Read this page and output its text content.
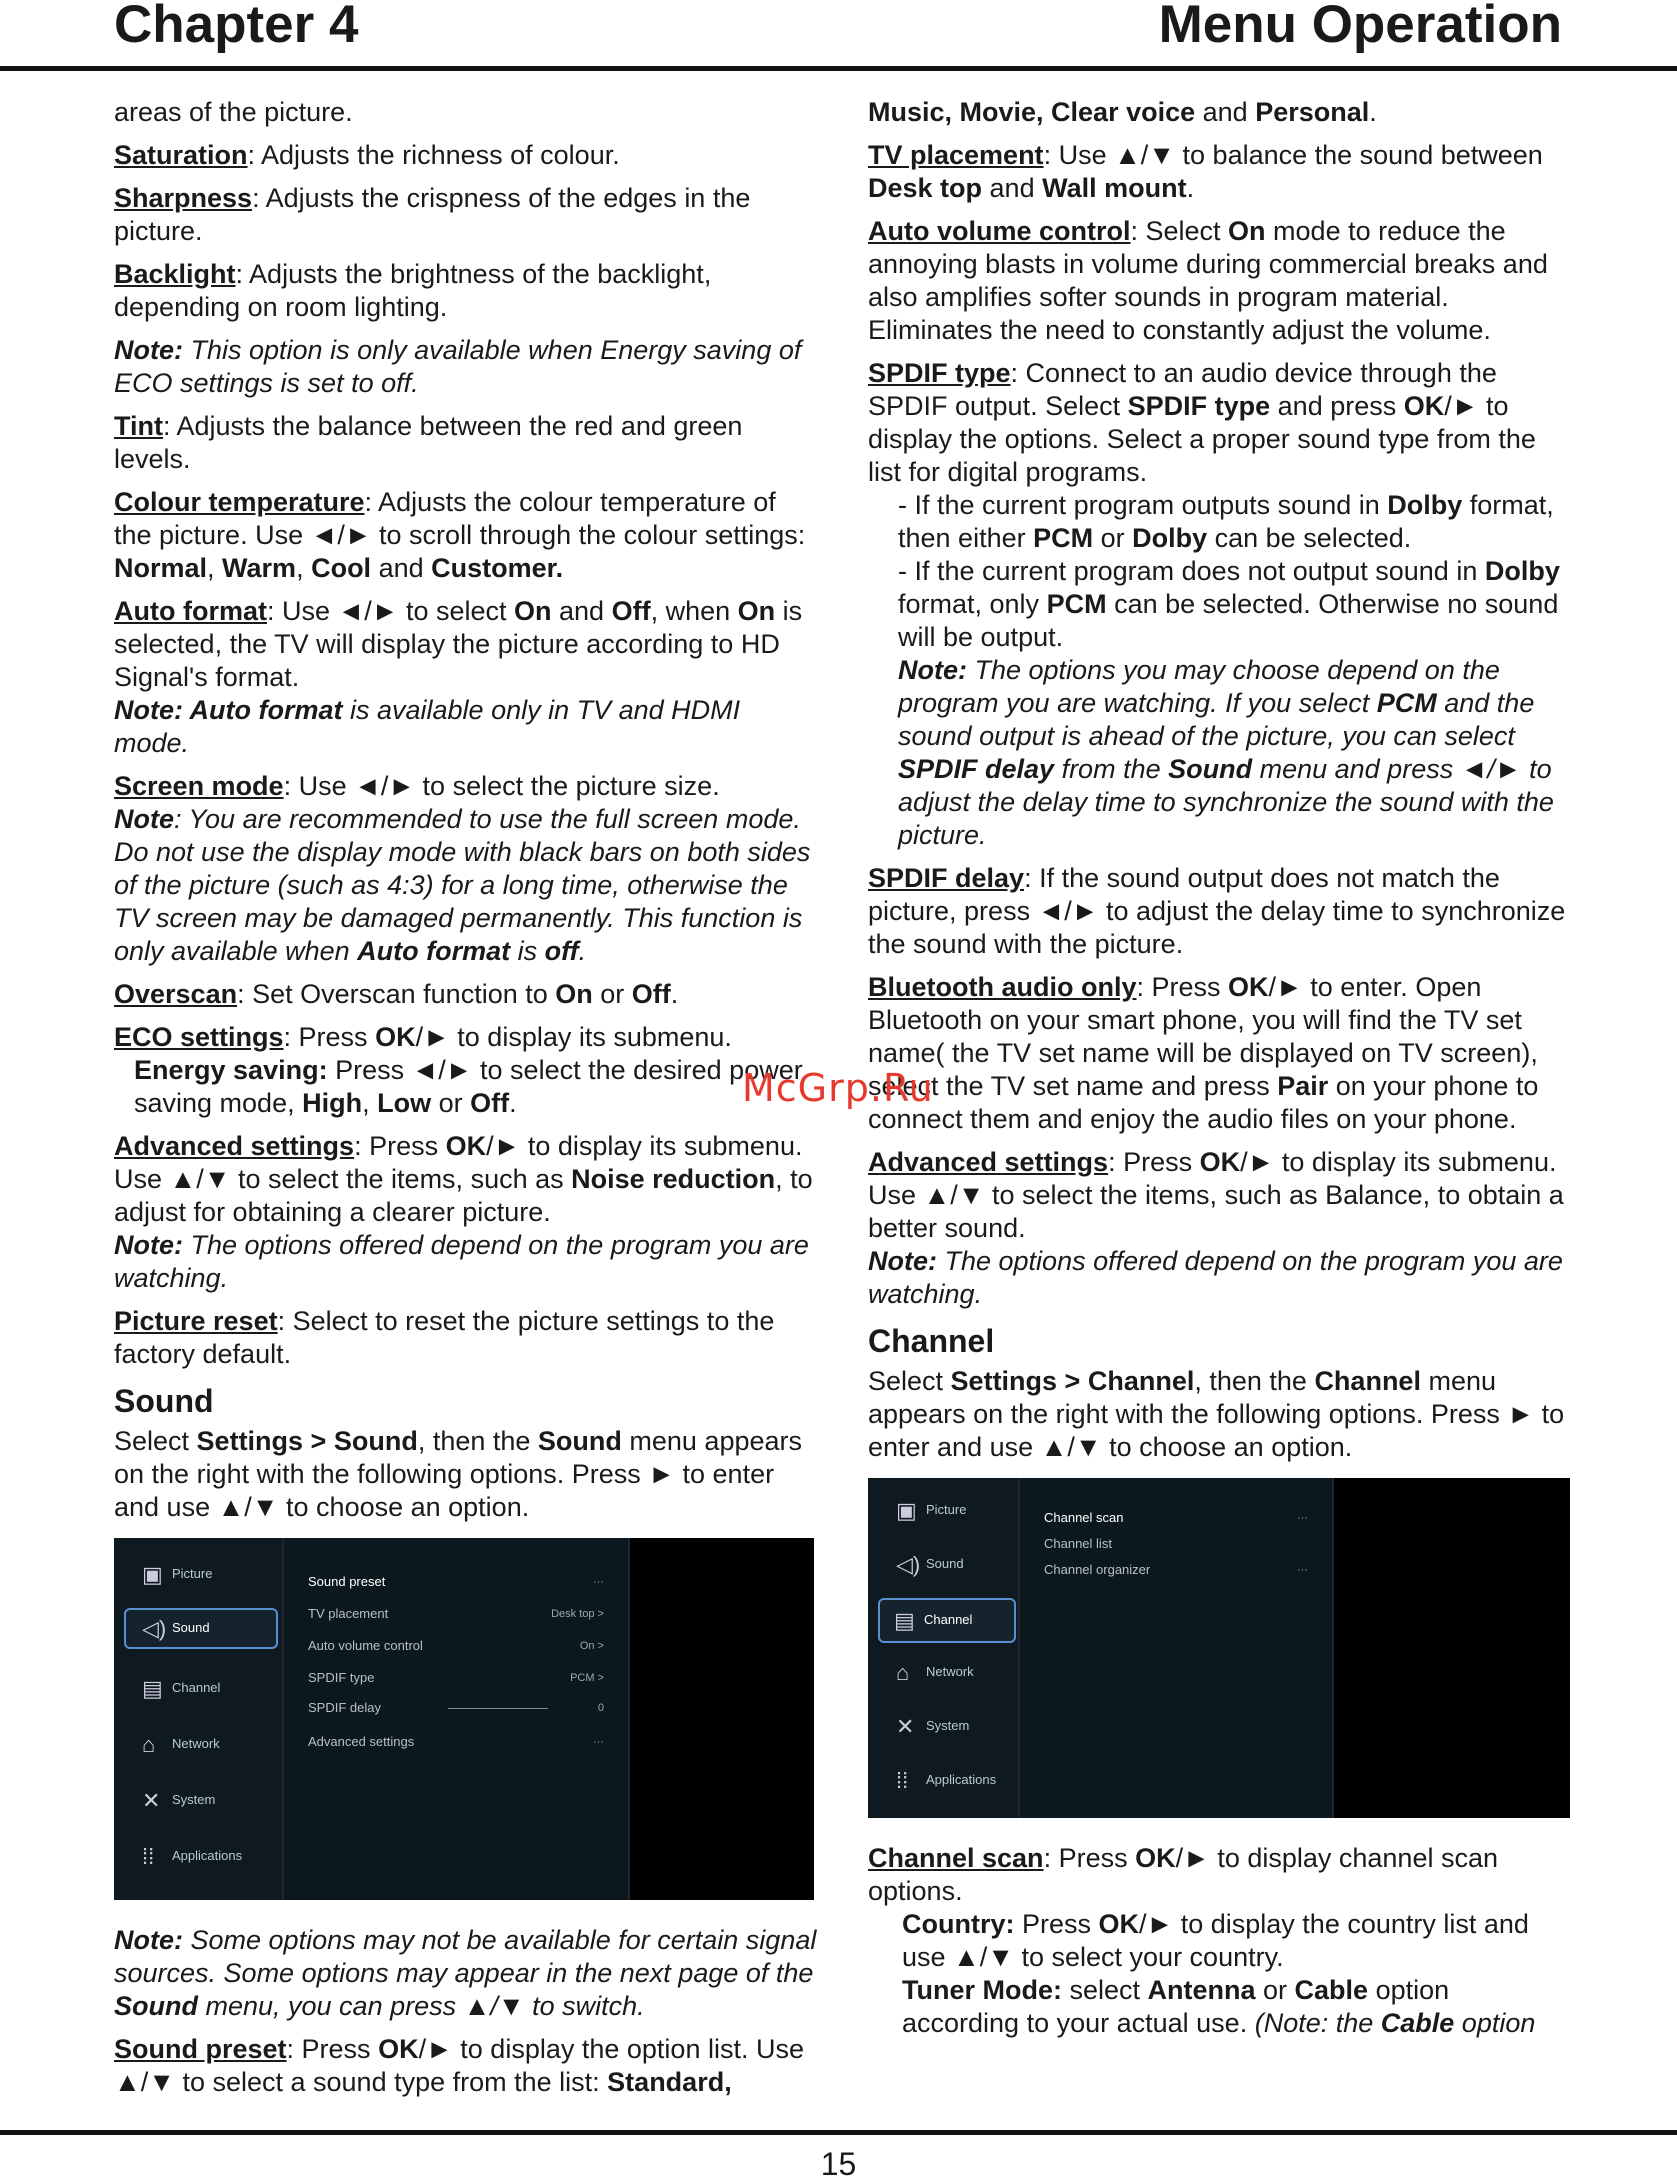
Chapter 4	Menu Operation

areas of the picture.

Saturation: Adjusts the richness of colour.

Sharpness: Adjusts the crispness of the edges in the picture.

Backlight: Adjusts the brightness of the backlight, depending on room lighting.

Note: This option is only available when Energy saving of ECO settings is set to off.

Tint: Adjusts the balance between the red and green levels.

Colour temperature: Adjusts the colour temperature of the picture. Use ◄/► to scroll through the colour settings: Normal, Warm, Cool and Customer.

Auto format: Use ◄/► to select On and Off, when On is selected, the TV will display the picture according to HD Signal's format.

Note: Auto format is available only in TV and HDMI mode.

Screen mode: Use ◄/► to select the picture size.

Note: You are recommended to use the full screen mode. Do not use the display mode with black bars on both sides of the picture (such as 4:3) for a long time, otherwise the TV screen may be damaged permanently. This function is only available when Auto format is off.

Overscan: Set Overscan function to On or Off.

ECO settings: Press OK/► to display its submenu.

Energy saving: Press ◄/► to select the desired power saving mode, High, Low or Off.

Advanced settings: Press OK/► to display its submenu. Use ▲/▼ to select the items, such as Noise reduction, to adjust for obtaining a clearer picture.

Note: The options offered depend on the program you are watching.

Picture reset: Select to reset the picture settings to the factory default.

Sound

Select Settings > Sound, then the Sound menu appears on the right with the following options. Press ► to enter and use ▲/▼ to choose an option.

▣ Picture
◁) Sound
▤ Channel
⌂ Network
✕ System
⁞⁞ Applications
Sound preset	···
TV placement	Desk top >
Auto volume control	On >
SPDIF type	PCM >
SPDIF delay	0
Advanced settings	···

Note: Some options may not be available for certain signal sources. Some options may appear in the next page of the Sound menu, you can press ▲/▼ to switch.

Sound preset: Press OK/► to display the option list. Use ▲/▼ to select a sound type from the list: Standard,

Music, Movie, Clear voice and Personal.

TV placement: Use ▲/▼ to balance the sound between Desk top and Wall mount.

Auto volume control: Select On mode to reduce the annoying blasts in volume during commercial breaks and also amplifies softer sounds in program material. Eliminates the need to constantly adjust the volume.

SPDIF type: Connect to an audio device through the SPDIF output. Select SPDIF type and press OK/► to display the options. Select a proper sound type from the list for digital programs.

- If the current program outputs sound in Dolby format, then either PCM or Dolby can be selected.

- If the current program does not output sound in Dolby format, only PCM can be selected. Otherwise no sound will be output.

Note: The options you may choose depend on the program you are watching. If you select PCM and the sound output is ahead of the picture, you can select SPDIF delay from the Sound menu and press ◄/► to adjust the delay time to synchronize the sound with the picture.

SPDIF delay: If the sound output does not match the picture, press ◄/► to adjust the delay time to synchronize the sound with the picture.

Bluetooth audio only: Press OK/► to enter. Open Bluetooth on your smart phone, you will find the TV set name( the TV set name will be displayed on TV screen), select the TV set name and press Pair on your phone to connect them and enjoy the audio files on your phone.

Advanced settings: Press OK/► to display its submenu. Use ▲/▼ to select the items, such as Balance, to obtain a better sound.

Note: The options offered depend on the program you are watching.

Channel

Select Settings > Channel, then the Channel menu appears on the right with the following options. Press ► to enter and use ▲/▼ to choose an option.

▣ Picture
◁) Sound
▤ Channel
⌂ Network
✕ System
⁞⁞ Applications
Channel scan	···
Channel list
Channel organizer	···

Channel scan: Press OK/► to display channel scan options.

Country: Press OK/► to display the country list and use ▲/▼ to select your country.

Tuner Mode: select Antenna or Cable option according to your actual use. (Note: the Cable option

McGrp.Ru
15
